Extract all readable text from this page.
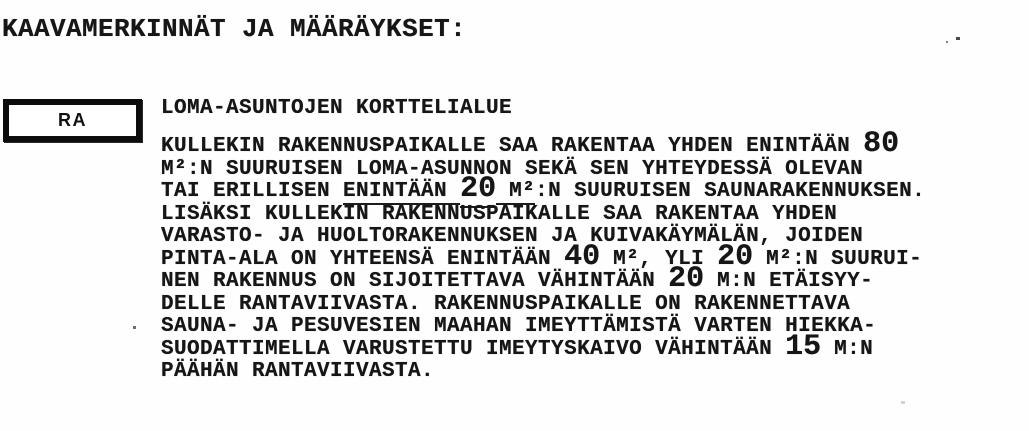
KAAVAMERKINNÄT JA MÄÄRÄYKSET:
RA	LOMA-ASUNTOJEN KORTTELIALUE
KULLEKIN RAKENNUSPAIKALLE SAA RAKENTAA YHDEN ENINTÄÄN 80
M²:N SUURUISEN LOMA-ASUNNON SEKÄ SEN YHTEYDESSÄ OLEVAN
TAI ERILLISEN ENINTÄÄN 20 M²:N SUURUISEN SAUNARAKENNUKSEN.
LISÄKSI KULLEKIN RAKENNUSPAIKALLE SAA RAKENTAA YHDEN
VARASTO- JA HUOLTORAKENNUKSEN JA KUIVAKÄYMÄLÄN, JOIDEN
PINTA-ALA ON YHTEENSÄ ENINTÄÄN 40 M², YLI 20 M²:N SUURUI-
NEN RAKENNUS ON SIJOITETTAVA VÄHINTÄÄN 20 M:N ETÄISYY-
DELLE RANTAVIIVASTA. RAKENNUSPAIKALLE ON RAKENNETTAVA
SAUNA- JA PESUVESIEN MAAHAN IMEYTTÄMISTÄ VARTEN HIEKKA-
SUODATTIMELLA VARUSTETTU IMEYTYSKAIVO VÄHINTÄÄN 15 M:N
PÄÄHÄN RANTAVIIVASTA.
